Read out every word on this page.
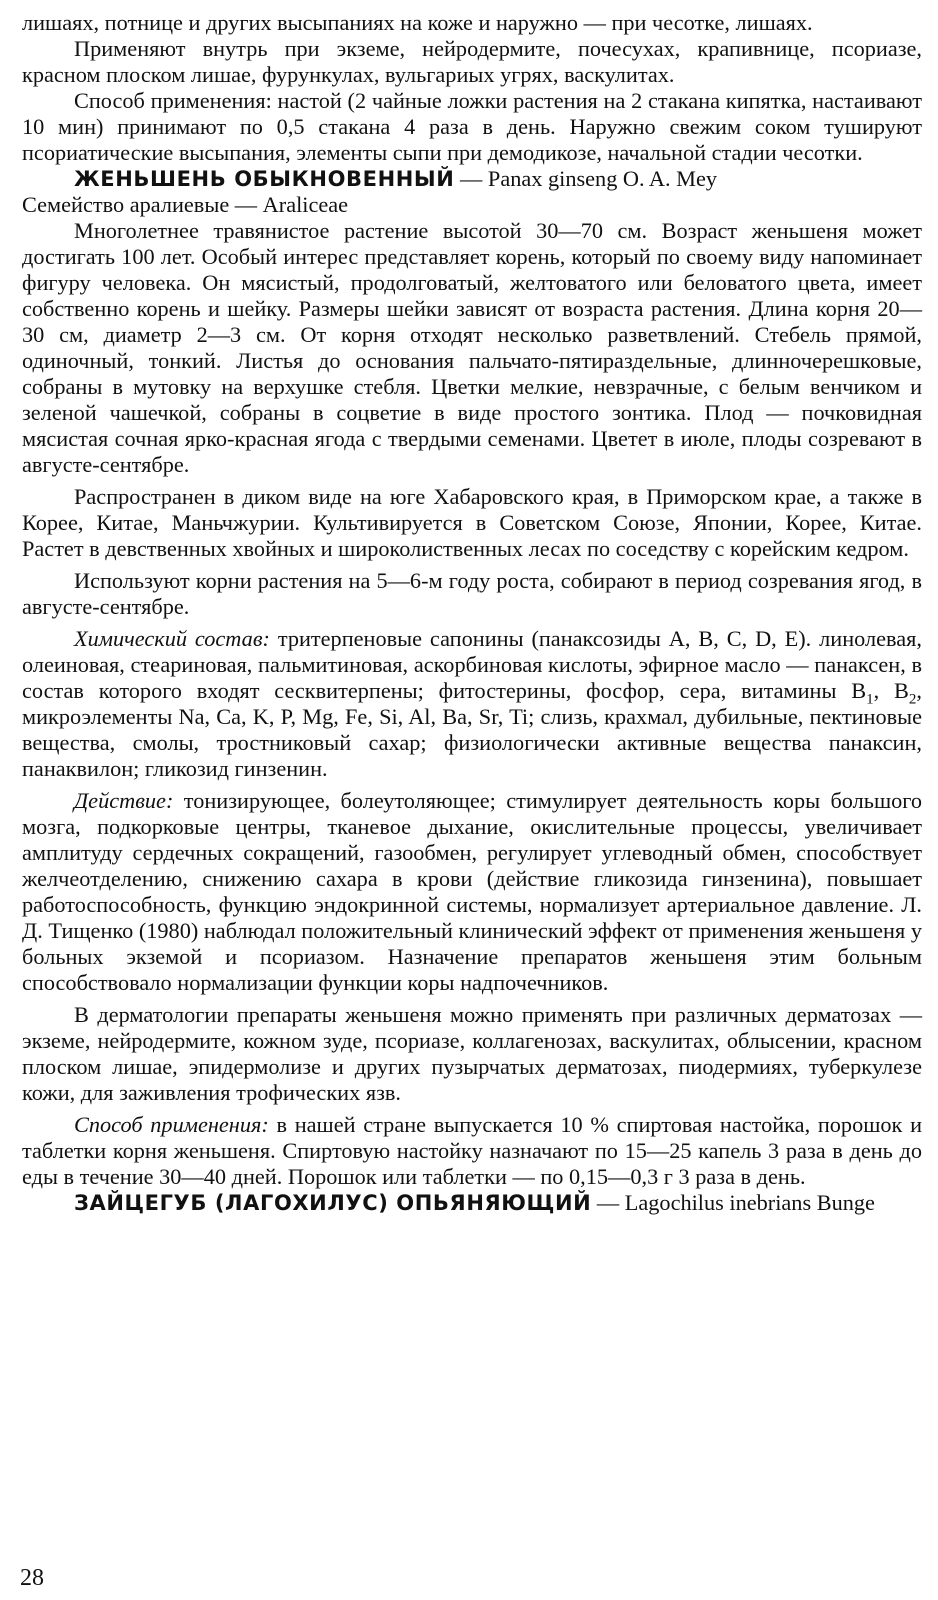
лишаях, потнице и других высыпаниях на коже и наружно — при чесотке, лишаях.

Применяют внутрь при экземе, нейродермите, почесухах, крапивнице, псориазе, красном плоском лишае, фурункулах, вульгариых угрях, васкулитах.

Способ применения: настой (2 чайные ложки растения на 2 стакана кипятка, настаивают 10 мин) принимают по 0,5 стакана 4 раза в день. Наружно свежим соком тушируют псориатические высыпания, элементы сыпи при демодикозе, начальной стадии чесотки.

ЖЕНЬШЕНЬ ОБЫКНОВЕННЫЙ — Panax ginseng O. A. Mey

Семейство аралиевые — Araliceae

Многолетнее травянистое растение высотой 30—70 см. Возраст женьшеня может достигать 100 лет. Особый интерес представляет корень, который по своему виду напоминает фигуру человека. Он мясистый, продолговатый, желтоватого или беловатого цвета, имеет собственно корень и шейку. Размеры шейки зависят от возраста растения. Длина корня 20—30 см, диаметр 2—3 см. От корня отходят несколько разветвлений. Стебель прямой, одиночный, тонкий. Листья до основания пальчато-пятираздельные, длинночерешковые, собраны в мутовку на верхушке стебля. Цветки мелкие, невзрачные, с белым венчиком и зеленой чашечкой, собраны в соцветие в виде простого зонтика. Плод — почковидная мясистая сочная ярко-красная ягода с твердыми семенами. Цветет в июле, плоды созревают в августе-сентябре.

Распространен в диком виде на юге Хабаровского края, в Приморском крае, а также в Корее, Китае, Маньчжурии. Культивируется в Советском Союзе, Японии, Корее, Китае. Растет в девственных хвойных и широколиственных лесах по соседству с корейским кедром.

Используют корни растения на 5—6-м году роста, собирают в период созревания ягод, в августе-сентябре.

Химический состав: тритерпеновые сапонины (панаксозиды A, B, C, D, E). линолевая, олеиновая, стеариновая, пальмитиновая, аскорбиновая кислоты, эфирное масло — панаксен, в состав которого входят сесквитерпены; фитостерины, фосфор, сера, витамины $B_1$, $B_2$, микроэлементы Na, Ca, K, P, Mg, Fe, Si, Al, Ba, Sr, Ti; слизь, крахмал, дубильные, пектиновые вещества, смолы, тростниковый сахар; физиологически активные вещества панаксин, панаквилон; гликозид гинзенин.

Действие: тонизирующее, болеутоляющее; стимулирует деятельность коры большого мозга, подкорковые центры, тканевое дыхание, окислительные процессы, увеличивает амплитуду сердечных сокращений, газообмен, регулирует углеводный обмен, способствует желчеотделению, снижению сахара в крови (действие гликозида гинзенина), повышает работоспособность, функцию эндокринной системы, нормализует артериальное давление. Л. Д. Тищенко (1980) наблюдал положительный клинический эффект от применения женьшеня у больных экземой и псориазом. Назначение препаратов женьшеня этим больным способствовало нормализации функции коры надпочечников.

В дерматологии препараты женьшеня можно применять при различных дерматозах — экземе, нейродермите, кожном зуде, псориазе, коллагенозах, васкулитах, облысении, красном плоском лишае, эпидермолизе и других пузырчатых дерматозах, пиодермиях, туберкулезе кожи, для заживления трофических язв.

Способ применения: в нашей стране выпускается 10 % спиртовая настойка, порошок и таблетки корня женьшеня. Спиртовую настойку назначают по 15—25 капель 3 раза в день до еды в течение 30—40 дней. Порошок или таблетки — по 0,15—0,3 г 3 раза в день.

ЗАЙЦЕГУБ (ЛАГОХИЛУС) ОПЬЯНЯЮЩИЙ — Lagochilus inebrians Bunge

28
